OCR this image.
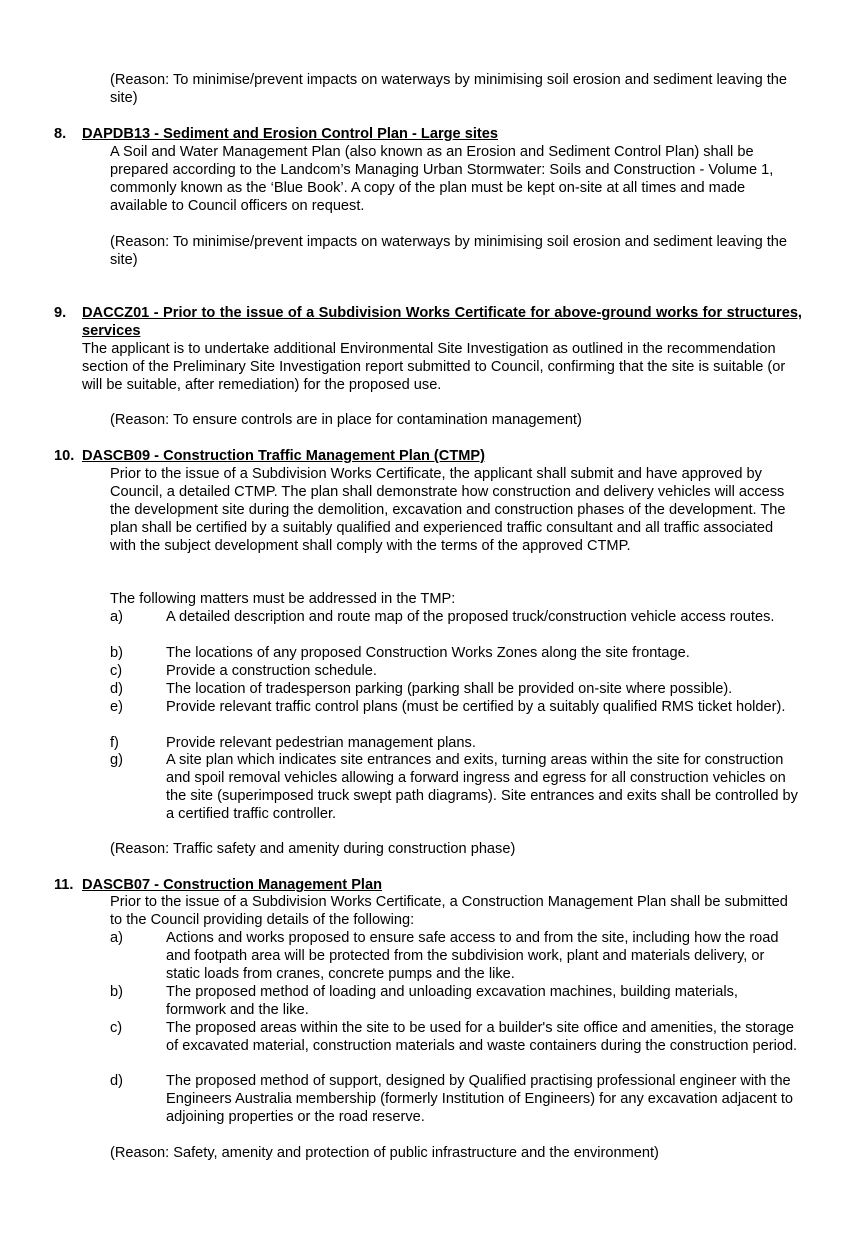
(Reason: To minimise/prevent impacts on waterways by minimising soil erosion and sediment leaving the site)

8. DAPDB13 - Sediment and Erosion Control Plan - Large sites

A Soil and Water Management Plan (also known as an Erosion and Sediment Control Plan) shall be prepared according to the Landcom’s Managing Urban Stormwater: Soils and Construction - Volume 1, commonly known as the ‘Blue Book’. A copy of the plan must be kept on-site at all times and made available to Council officers on request.

(Reason: To minimise/prevent impacts on waterways by minimising soil erosion and sediment leaving the site)

9. DACCZ01 - Prior to the issue of a Subdivision Works Certificate for above-ground works for structures, services

The applicant is to undertake additional Environmental Site Investigation as outlined in the recommendation section of the Preliminary Site Investigation report submitted to Council, confirming that the site is suitable (or will be suitable, after remediation) for the proposed use.

(Reason: To ensure controls are in place for contamination management)

10. DASCB09 - Construction Traffic Management Plan (CTMP)

Prior to the issue of a Subdivision Works Certificate, the applicant shall submit and have approved by Council, a detailed CTMP. The plan shall demonstrate how construction and delivery vehicles will access the development site during the demolition, excavation and construction phases of the development. The plan shall be certified by a suitably qualified and experienced traffic consultant and all traffic associated with the subject development shall comply with the terms of the approved CTMP.

The following matters must be addressed in the TMP:

a)	A detailed description and route map of the proposed truck/construction vehicle access routes.
b)	The locations of any proposed Construction Works Zones along the site frontage.
c)	Provide a construction schedule.
d)	The location of tradesperson parking (parking shall be provided on-site where possible).
e)	Provide relevant traffic control plans (must be certified by a suitably qualified RMS ticket holder).
f)	Provide relevant pedestrian management plans.
g)	A site plan which indicates site entrances and exits, turning areas within the site for construction and spoil removal vehicles allowing a forward ingress and egress for all construction vehicles on the site (superimposed truck swept path diagrams). Site entrances and exits shall be controlled by a certified traffic controller.

(Reason: Traffic safety and amenity during construction phase)

11. DASCB07 - Construction Management Plan

Prior to the issue of a Subdivision Works Certificate, a Construction Management Plan shall be submitted to the Council providing details of the following:

a)	Actions and works proposed to ensure safe access to and from the site, including how the road and footpath area will be protected from the subdivision work, plant and materials delivery, or static loads from cranes, concrete pumps and the like.
b)	The proposed method of loading and unloading excavation machines, building materials, formwork and the like.
c)	The proposed areas within the site to be used for a builder's site office and amenities, the storage of excavated material, construction materials and waste containers during the construction period.
d)	The proposed method of support, designed by Qualified practising professional engineer with the Engineers Australia membership (formerly Institution of Engineers) for any excavation adjacent to adjoining properties or the road reserve.

(Reason: Safety, amenity and protection of public infrastructure and the environment)
